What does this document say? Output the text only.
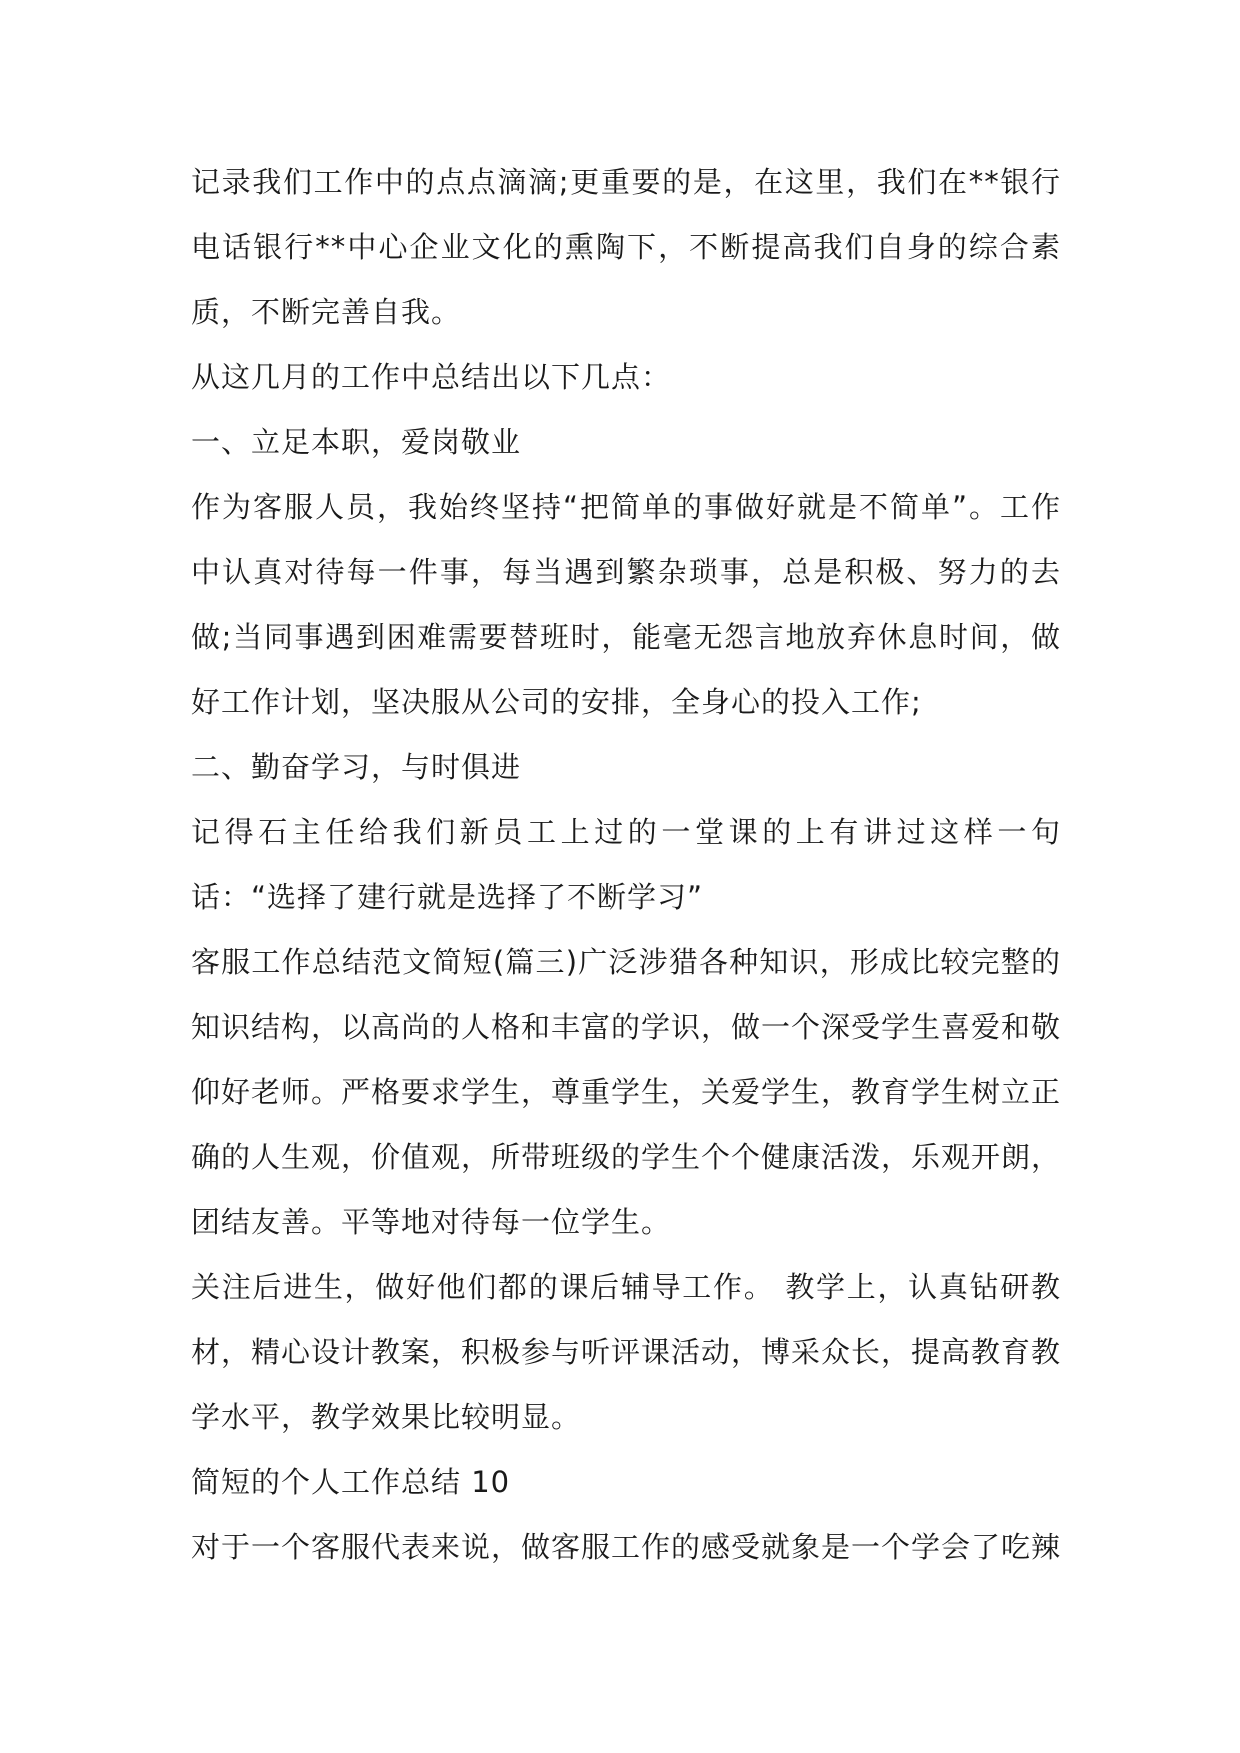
记录我们工作中的点点滴滴;更重要的是，在这里，我们在**银行电话银行**中心企业文化的熏陶下，不断提高我们自身的综合素质，不断完善自我。

从这几月的工作中总结出以下几点：

一、立足本职，爱岗敬业

作为客服人员，我始终坚持“把简单的事做好就是不简单”。工作中认真对待每一件事，每当遇到繁杂琐事，总是积极、努力的去做;当同事遇到困难需要替班时，能毫无怨言地放弃休息时间，做好工作计划，坚决服从公司的安排，全身心的投入工作;

二、勤奋学习，与时俱进

记得石主任给我们新员工上过的一堂课的上有讲过这样一句话：“选择了建行就是选择了不断学习”

客服工作总结范文简短(篇三)广泛涉猎各种知识，形成比较完整的知识结构，以高尚的人格和丰富的学识，做一个深受学生喜爱和敬仰好老师。严格要求学生，尊重学生，关爱学生，教育学生树立正确的人生观，价值观，所带班级的学生个个健康活泼，乐观开朗，团结友善。平等地对待每一位学生。

关注后进生，做好他们都的课后辅导工作。 教学上，认真钻研教材，精心设计教案，积极参与听评课活动，博采众长，提高教育教学水平，教学效果比较明显。

简短的个人工作总结 10

对于一个客服代表来说，做客服工作的感受就象是一个学会了吃辣
